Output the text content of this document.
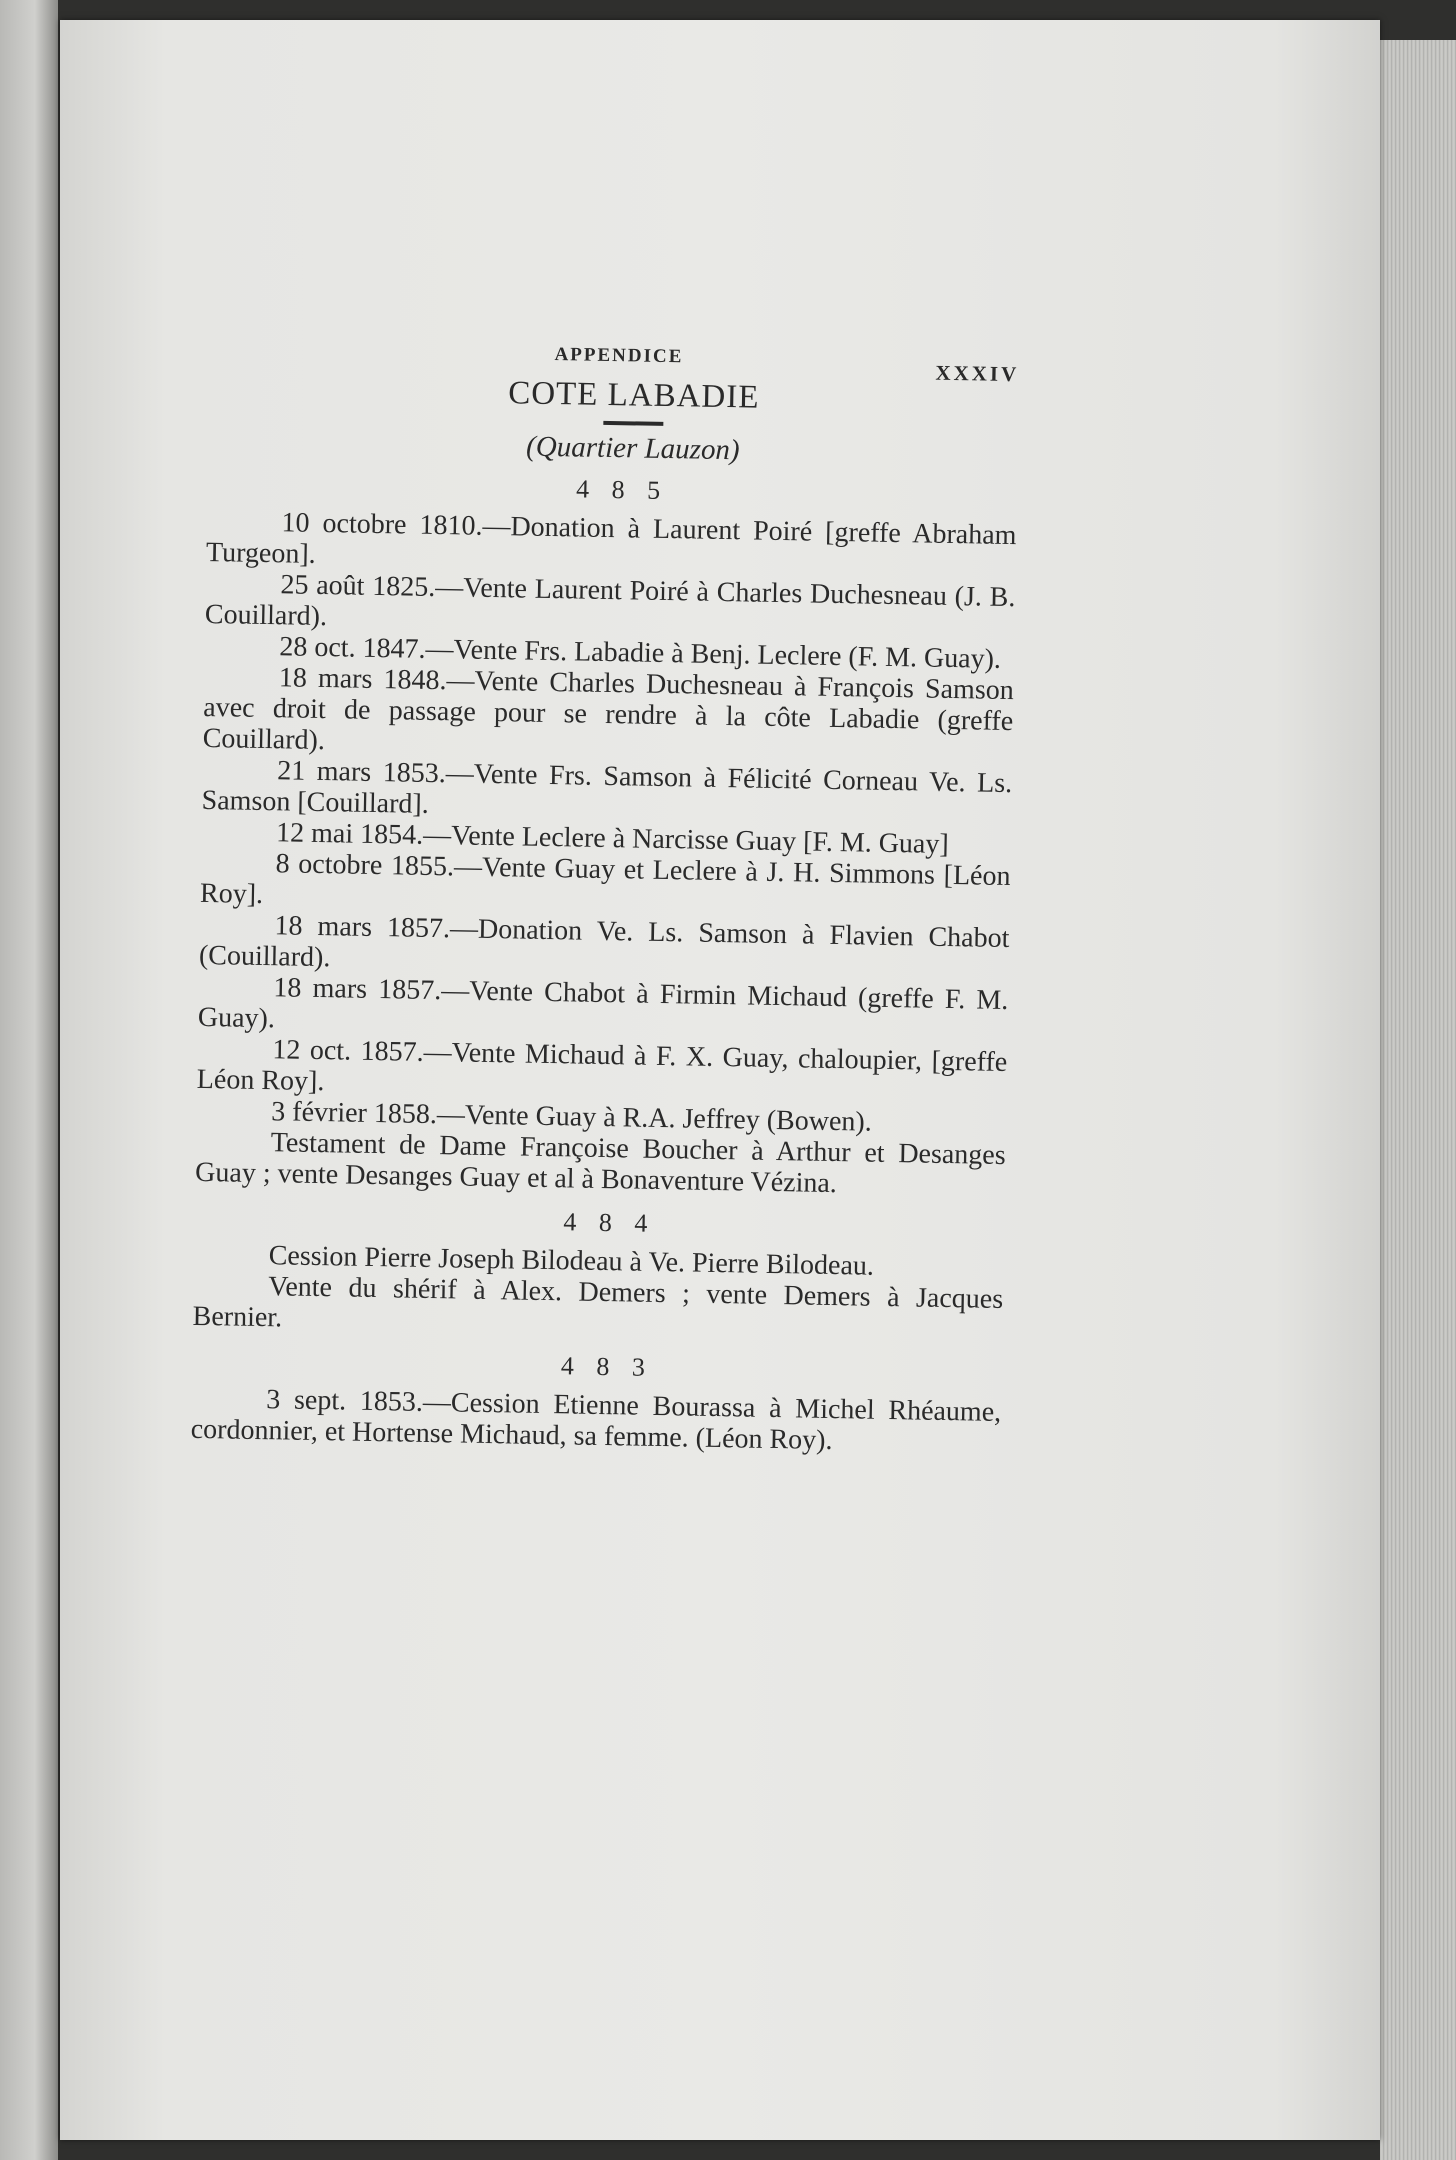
APPENDICE
XXXIV
COTE LABADIE
(Quartier Lauzon)
4 8 5

10 octobre 1810.—Donation à Laurent Poiré [greffe Abraham Turgeon].

25 août 1825.—Vente Laurent Poiré à Charles Duchesneau (J. B. Couillard).

28 oct. 1847.—Vente Frs. Labadie à Benj. Leclere (F. M. Guay).

18 mars 1848.—Vente Charles Duchesneau à François Samson avec droit de passage pour se rendre à la côte Labadie (greffe Couillard).

21 mars 1853.—Vente Frs. Samson à Félicité Corneau Ve. Ls. Samson [Couillard].

12 mai 1854.—Vente Leclere à Narcisse Guay [F. M. Guay]

8 octobre 1855.—Vente Guay et Leclere à J. H. Simmons [Léon Roy].

18 mars 1857.—Donation Ve. Ls. Samson à Flavien Chabot (Couillard).

18 mars 1857.—Vente Chabot à Firmin Michaud (greffe F. M. Guay).

12 oct. 1857.—Vente Michaud à F. X. Guay, chaloupier, [greffe Léon Roy].

3 février 1858.—Vente Guay à R.A. Jeffrey (Bowen).

Testament de Dame Françoise Boucher à Arthur et Desanges Guay ; vente Desanges Guay et al à Bonaventure Vézina.

4 8 4

Cession Pierre Joseph Bilodeau à Ve. Pierre Bilodeau.

Vente du shérif à Alex. Demers ; vente Demers à Jacques Bernier.

4 8 3

3 sept. 1853.—Cession Etienne Bourassa à Michel Rhéaume, cordonnier, et Hortense Michaud, sa femme. (Léon Roy).
